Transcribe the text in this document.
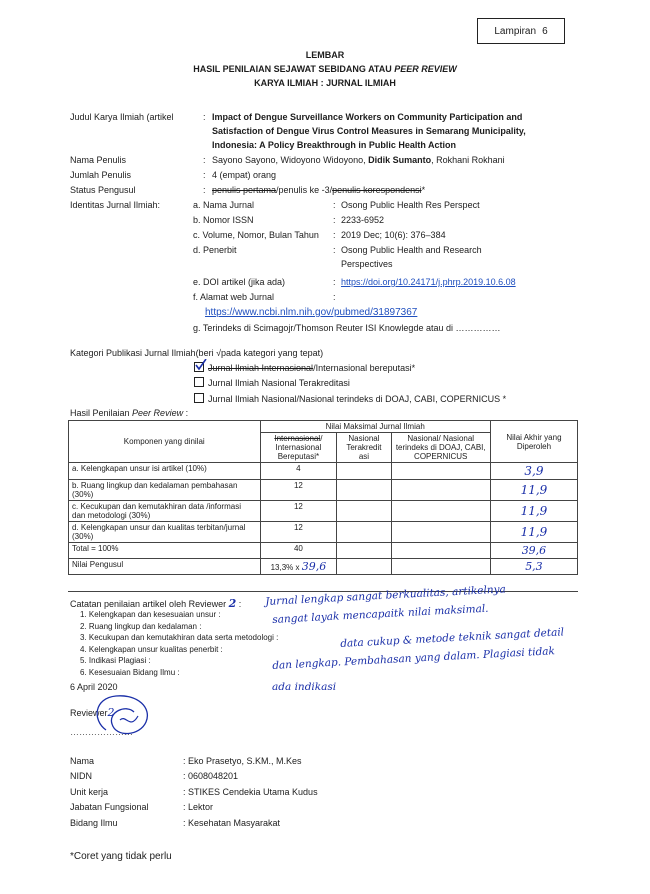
Lampiran 6
LEMBAR
HASIL PENILAIAN SEJAWAT SEBIDANG ATAU PEER REVIEW
KARYA ILMIAH : JURNAL ILMIAH
Judul Karya Ilmiah (artikel	: Impact of Dengue Surveillance Workers on Community Participation and
Satisfaction of Dengue Virus Control Measures in Semarang Municipality,
Indonesia: A Policy Breakthrough in Public Health Action
Nama Penulis	: Sayono Sayono, Widoyono Widoyono, Didik Sumanto, Rokhani Rokhani
Jumlah Penulis	: 4 (empat) orang
Status Pengusul	: penulis pertama/penulis ke -3/penulis korespondensi*
Identitas Jurnal Ilmiah:	a. Nama Jurnal	: Osong Public Health Res Perspect
b. Nomor ISSN	: 2233-6952
c. Volume, Nomor, Bulan Tahun : 2019 Dec; 10(6): 376–384
d. Penerbit	: Osong Public Health and Research
Perspectives
e. DOI artikel (jika ada)	: https://doi.org/10.24171/j.phrp.2019.10.6.08
f. Alamat web Jurnal	:
https://www.ncbi.nlm.nih.gov/pubmed/31897367
g. Terindeks di Scimagojr/Thomson Reuter ISI Knowlegde atau di ……………
Kategori Publikasi Jurnal Ilmiah(beri √pada kategori yang tepat)
Jurnal Ilmiah Internasional/Internasional bereputasi*
Jurnal Ilmiah Nasional Terakreditasi
Jurnal Ilmiah Nasional/Nasional terindeks di DOAJ, CABI, COPERNICUS *
Hasil Penilaian Peer Review :
Komponen yang dinilai	Nilai Maksimal Jurnal Ilmiah			Nilai Akhir yang Diperoleh
	Internasional/ Internasional Bereputasi*	Nasional Terakredit asi	Nasional/ Nasional terindeks di DOAJ, CABI, COPERNICUS	
a. Kelengkapan unsur isi artikel (10%)	4			3,9
b. Ruang lingkup dan kedalaman pembahasan (30%)	12			11,9
c. Kecukupan dan kemutakhiran data /informasi dan metodologi (30%)	12			11,9
d. Kelengkapan unsur dan kualitas terbitan/jurnal (30%)	12			11,9
Total = 100%	40			39,6
Nilai Pengusul	13,3% x 39,6			5,3
Catatan penilaian artikel oleh Reviewer 2 :
1. Kelengkapan dan kesesuaian unsur :
2. Ruang lingkup dan kedalaman :
3. Kecukupan dan kemutakhiran data serta metodologi :
4. Kelengkapan unsur kualitas penerbit :
5. Indikasi Plagiasi :
6. Kesesuaian Bidang Ilmu :
Jurnal lengkap sangat berkualitas, artikelnya
sangat layak mencapaitk nilai maksimal.
data cukup & metode teknik sangat detail
dan lengkap. Pembahasan yang dalam. Plagiasi tidak
ada indikasi
6 April 2020
Reviewer2
…………………
Nama	: Eko Prasetyo, S.KM., M.Kes
NIDN	: 0608048201
Unit kerja	: STIKES Cendekia Utama Kudus
Jabatan Fungsional	: Lektor
Bidang Ilmu	: Kesehatan Masyarakat
*Coret yang tidak perlu
